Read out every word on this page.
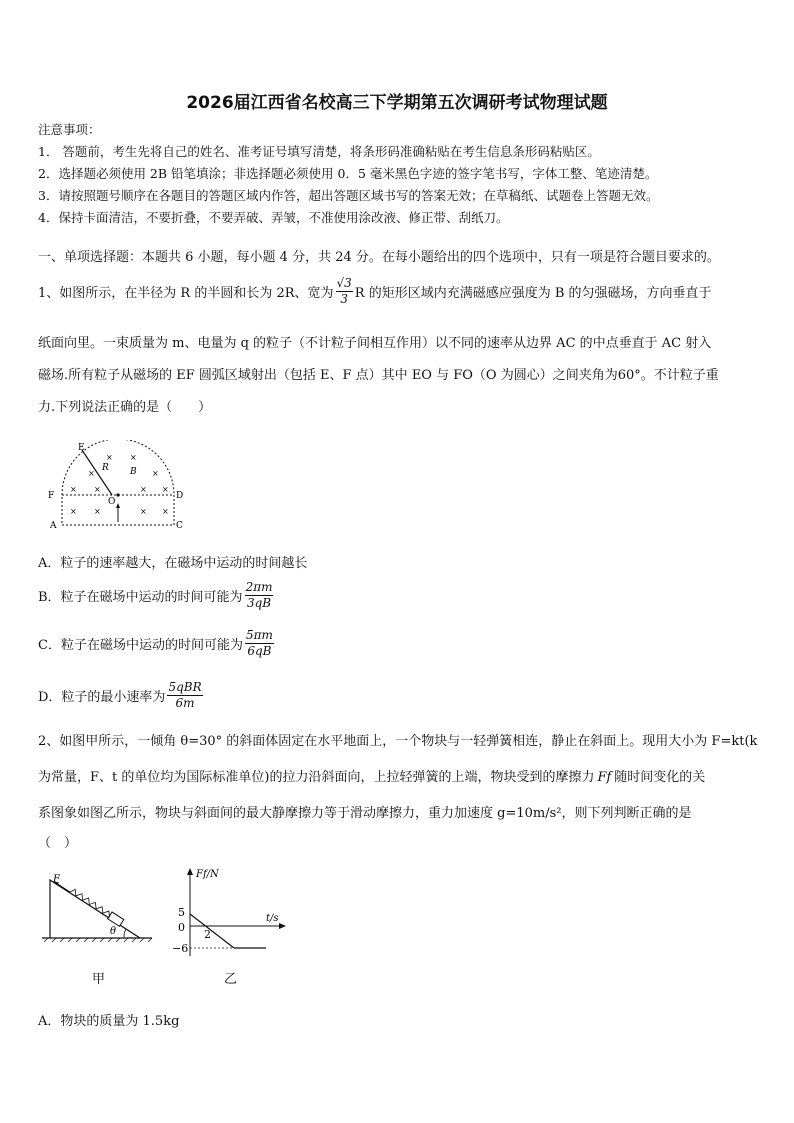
2026届江西省名校高三下学期第五次调研考试物理试题
注意事项：
1． 答题前，考生先将自己的姓名、准考证号填写清楚，将条形码准确粘贴在考生信息条形码粘贴区。
2．选择题必须使用 2B 铅笔填涂；非选择题必须使用 0．5 毫米黑色字迹的签字笔书写，字体工整、笔迹清楚。
3．请按照题号顺序在各题目的答题区域内作答，超出答题区域书写的答案无效；在草稿纸、试题卷上答题无效。
4．保持卡面清洁，不要折叠，不要弄破、弄皱，不准使用涂改液、修正带、刮纸刀。
一、单项选择题：本题共 6 小题，每小题 4 分，共 24 分。在每小题给出的四个选项中，只有一项是符合题目要求的。
1、如图所示，在半径为 R 的半圆和长为 2R、宽为 $\frac{√3}{3}$ R 的矩形区域内充满磁感应强度为 B 的匀强磁场，方向垂直于
纸面向里。一束质量为 m、电量为 q 的粒子（不计粒子间相互作用）以不同的速率从边界 AC 的中点垂直于 AC 射入
磁场.所有粒子从磁场的 EF 圆弧区域射出（包括 E、F 点）其中 EO 与 FO（O 为圆心）之间夹角为60°。不计粒子重
力.下列说法正确的是（　　）
E
F	D
A	C
O
R B
× ×
×	×
× ×	× ×
× ×	× ×
A．粒子的速率越大，在磁场中运动的时间越长
B．粒子在磁场中运动的时间可能为 $\frac{2\pi m}{3qB}$
C．粒子在磁场中运动的时间可能为 $\frac{5\pi m}{6qB}$
D．粒子的最小速率为 $\frac{\text{5qBR}}{6m}$
2、如图甲所示，一倾角 θ=30° 的斜面体固定在水平地面上，一个物块与一轻弹簧相连，静止在斜面上。现用大小为 F=kt(k
为常量，F、t 的单位均为国际标准单位)的拉力沿斜面向，上拉轻弹簧的上端，物块受到的摩擦力 Ff 随时间变化的关
系图象如图乙所示，物块与斜面间的最大静摩擦力等于滑动摩擦力，重力加速度 g=10m/s²，则下列判断正确的是
（　）
F
θ
甲
Ff/N
t/s
5
0
−6
2
乙
A．物块的质量为 1.5kg
